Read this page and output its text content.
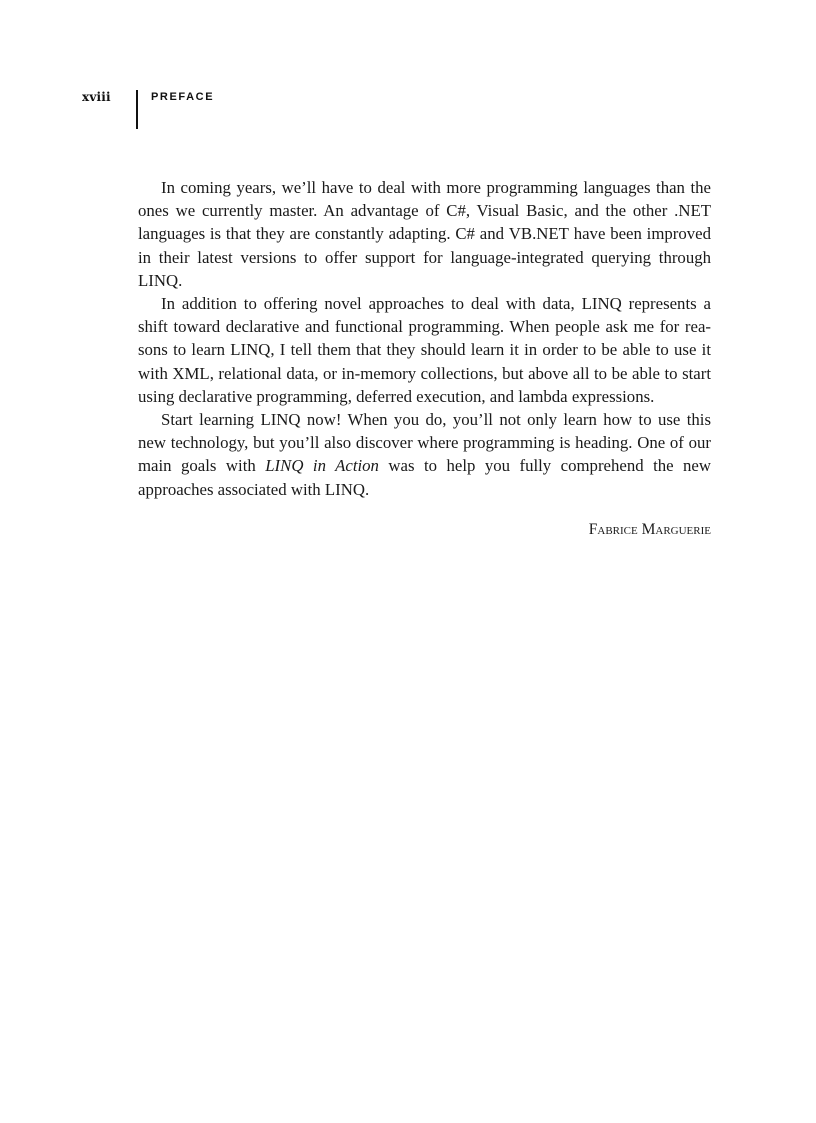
xviii	PREFACE

In coming years, we’ll have to deal with more programming languages than the ones we currently master. An advantage of C#, Visual Basic, and the other .NET languages is that they are constantly adapting. C# and VB.NET have been improved in their latest versions to offer support for language-integrated querying through LINQ.

In addition to offering novel approaches to deal with data, LINQ represents a shift toward declarative and functional programming. When people ask me for reasons to learn LINQ, I tell them that they should learn it in order to be able to use it with XML, relational data, or in-memory collections, but above all to be able to start using declarative programming, deferred execution, and lambda expressions.

Start learning LINQ now! When you do, you’ll not only learn how to use this new technology, but you’ll also discover where programming is heading. One of our main goals with LINQ in Action was to help you fully comprehend the new approaches associated with LINQ.

Fabrice Marguerie
